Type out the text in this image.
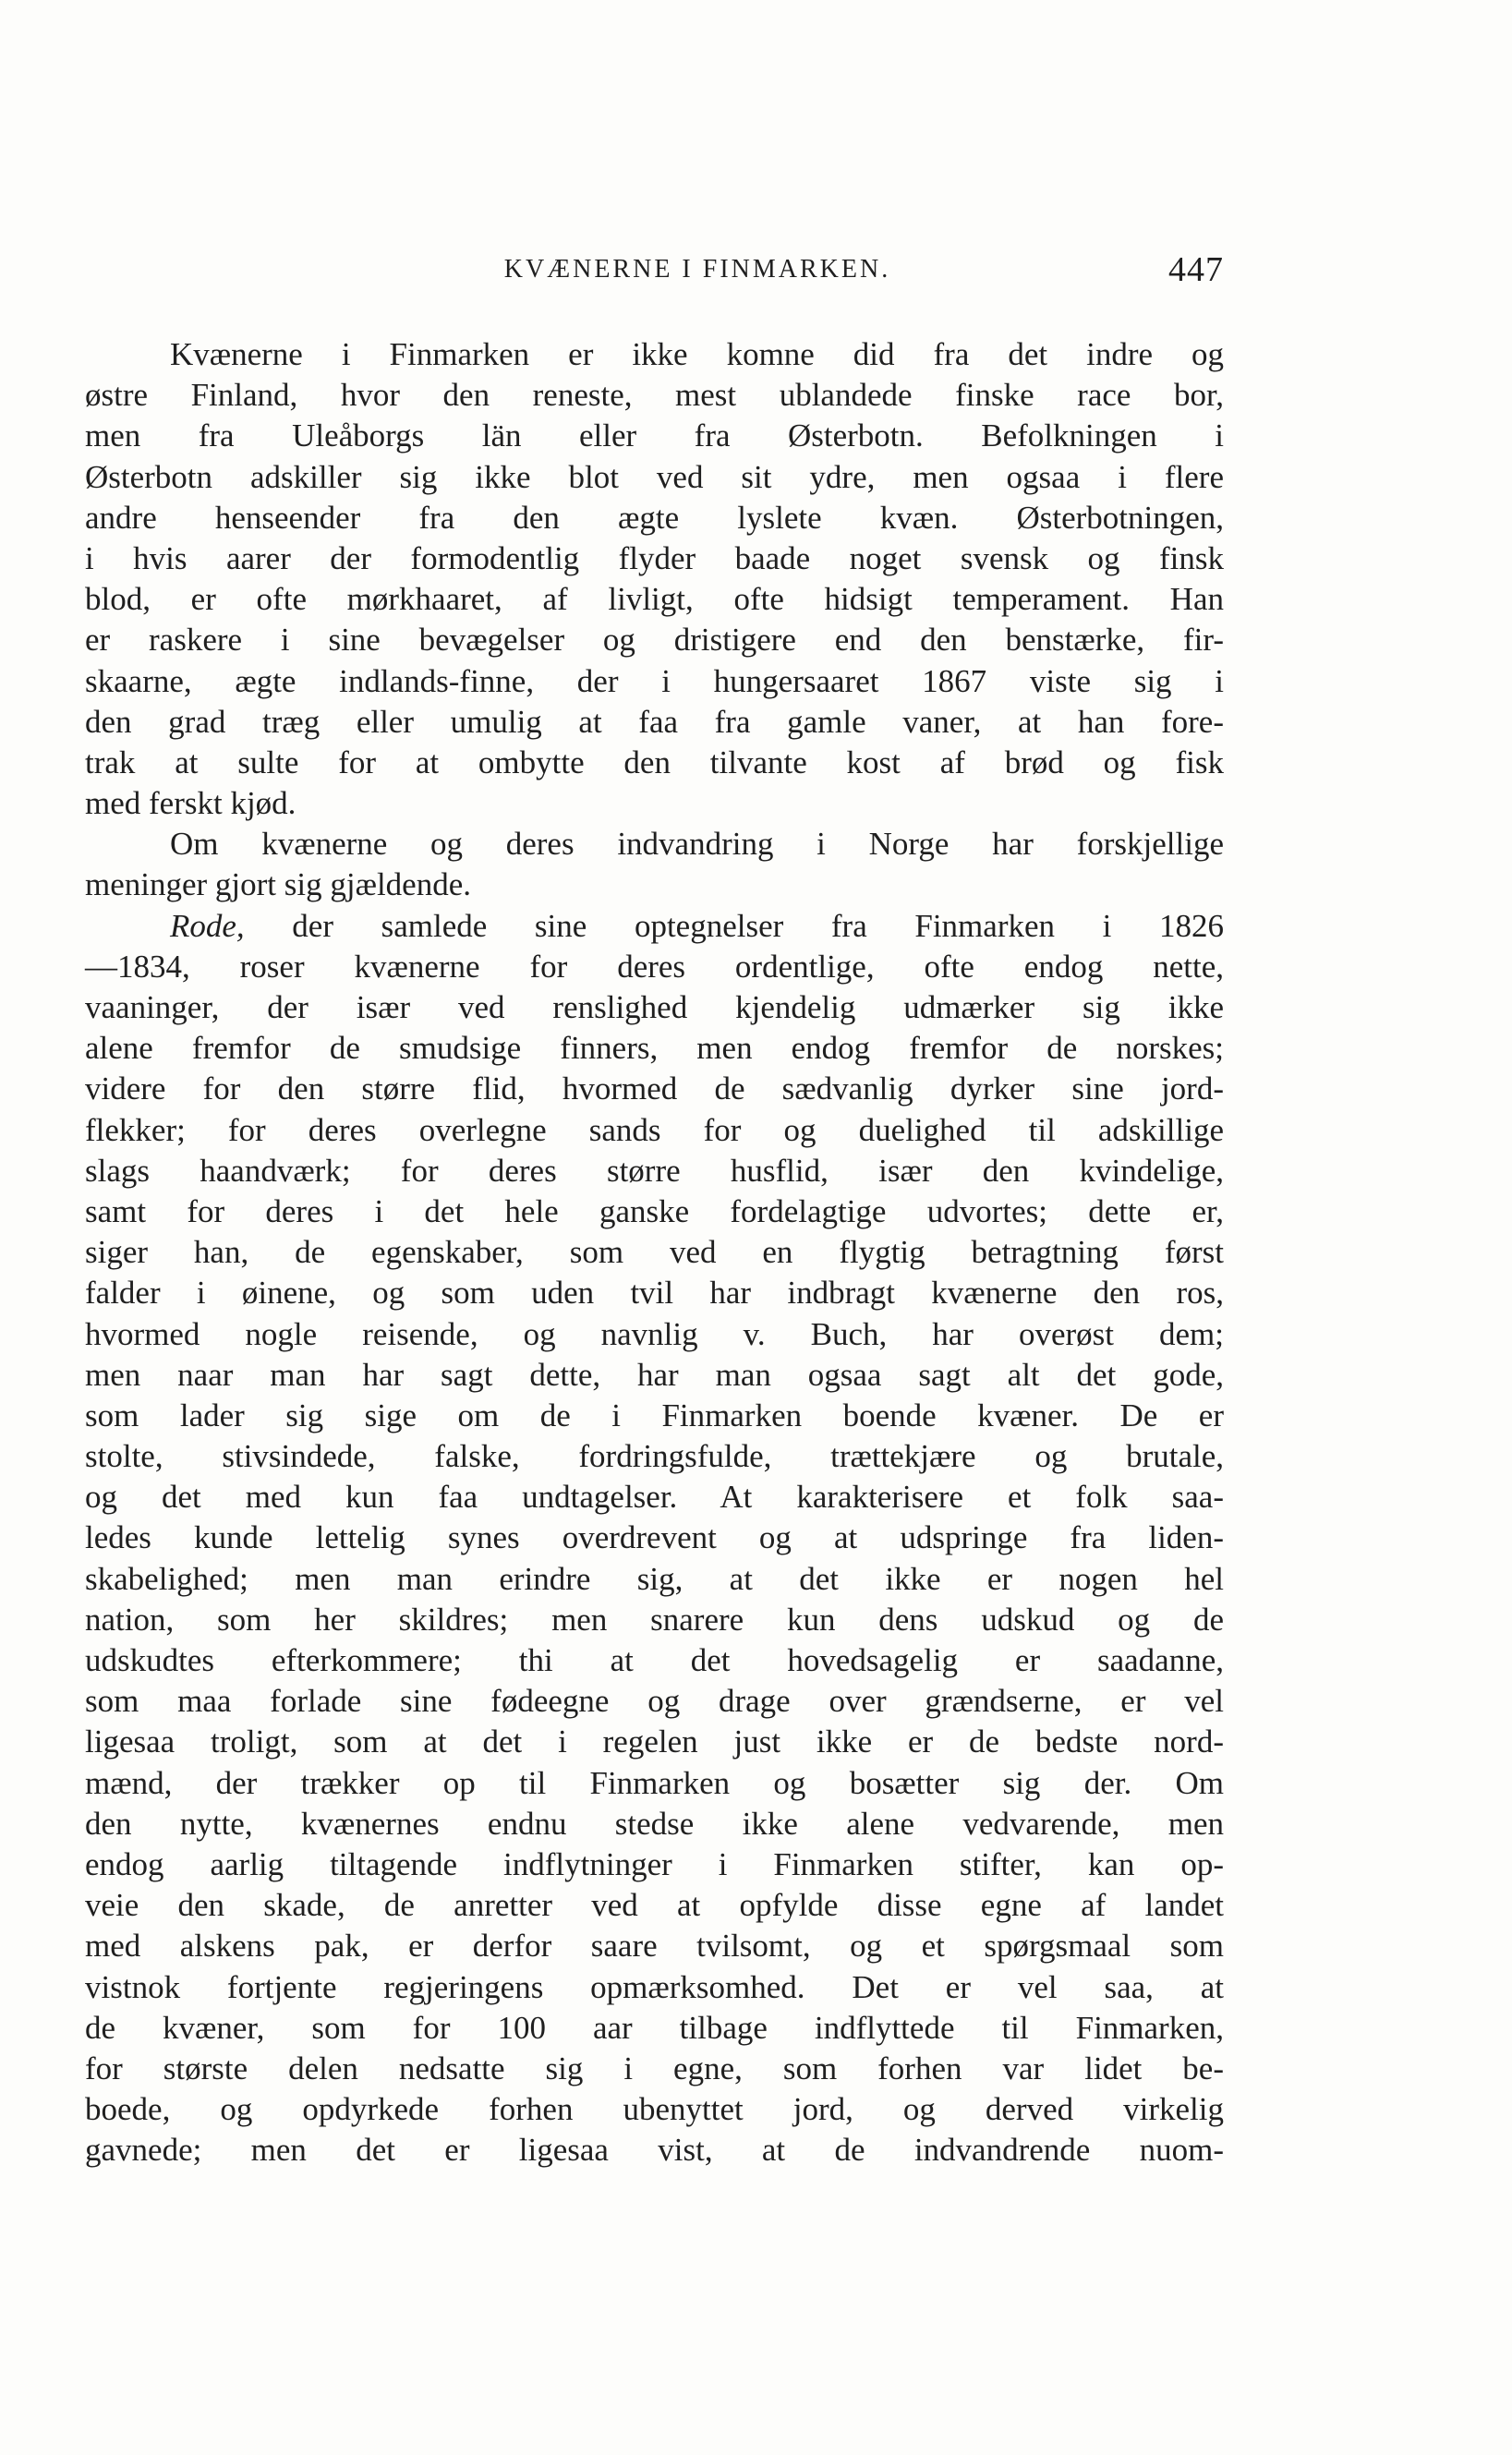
KVÆNERNE I FINMARKEN.	447
Kvænerne i Finmarken er ikke komne did fra det indre og
østre Finland, hvor den reneste, mest ublandede finske race bor,
men fra Uleåborgs län eller fra Østerbotn. Befolkningen i
Østerbotn adskiller sig ikke blot ved sit ydre, men ogsaa i flere
andre henseender fra den ægte lyslete kvæn. Østerbotningen,
i hvis aarer der formodentlig flyder baade noget svensk og finsk
blod, er ofte mørkhaaret, af livligt, ofte hidsigt temperament. Han
er raskere i sine bevægelser og dristigere end den benstærke, fir-
skaarne, ægte indlands-finne, der i hungersaaret 1867 viste sig i
den grad træg eller umulig at faa fra gamle vaner, at han fore-
trak at sulte for at ombytte den tilvante kost af brød og fisk
med ferskt kjød.
Om kvænerne og deres indvandring i Norge har forskjellige
meninger gjort sig gjældende.
Rode, der samlede sine optegnelser fra Finmarken i 1826
—1834, roser kvænerne for deres ordentlige, ofte endog nette,
vaaninger, der især ved renslighed kjendelig udmærker sig ikke
alene fremfor de smudsige finners, men endog fremfor de norskes;
videre for den større flid, hvormed de sædvanlig dyrker sine jord-
flekker; for deres overlegne sands for og duelighed til adskillige
slags haandværk; for deres større husflid, især den kvindelige,
samt for deres i det hele ganske fordelagtige udvortes; dette er,
siger han, de egenskaber, som ved en flygtig betragtning først
falder i øinene, og som uden tvil har indbragt kvænerne den ros,
hvormed nogle reisende, og navnlig v. Buch, har overøst dem;
men naar man har sagt dette, har man ogsaa sagt alt det gode,
som lader sig sige om de i Finmarken boende kvæner. De er
stolte, stivsindede, falske, fordringsfulde, trættekjære og brutale,
og det med kun faa undtagelser. At karakterisere et folk saa-
ledes kunde lettelig synes overdrevent og at udspringe fra liden-
skabelighed; men man erindre sig, at det ikke er nogen hel
nation, som her skildres; men snarere kun dens udskud og de
udskudtes efterkommere; thi at det hovedsagelig er saadanne,
som maa forlade sine fødeegne og drage over grændserne, er vel
ligesaa troligt, som at det i regelen just ikke er de bedste nord-
mænd, der trækker op til Finmarken og bosætter sig der. Om
den nytte, kvænernes endnu stedse ikke alene vedvarende, men
endog aarlig tiltagende indflytninger i Finmarken stifter, kan op-
veie den skade, de anretter ved at opfylde disse egne af landet
med alskens pak, er derfor saare tvilsomt, og et spørgsmaal som
vistnok fortjente regjeringens opmærksomhed. Det er vel saa, at
de kvæner, som for 100 aar tilbage indflyttede til Finmarken,
for største delen nedsatte sig i egne, som forhen var lidet be-
boede, og opdyrkede forhen ubenyttet jord, og derved virkelig
gavnede; men det er ligesaa vist, at de indvandrende nuom-
